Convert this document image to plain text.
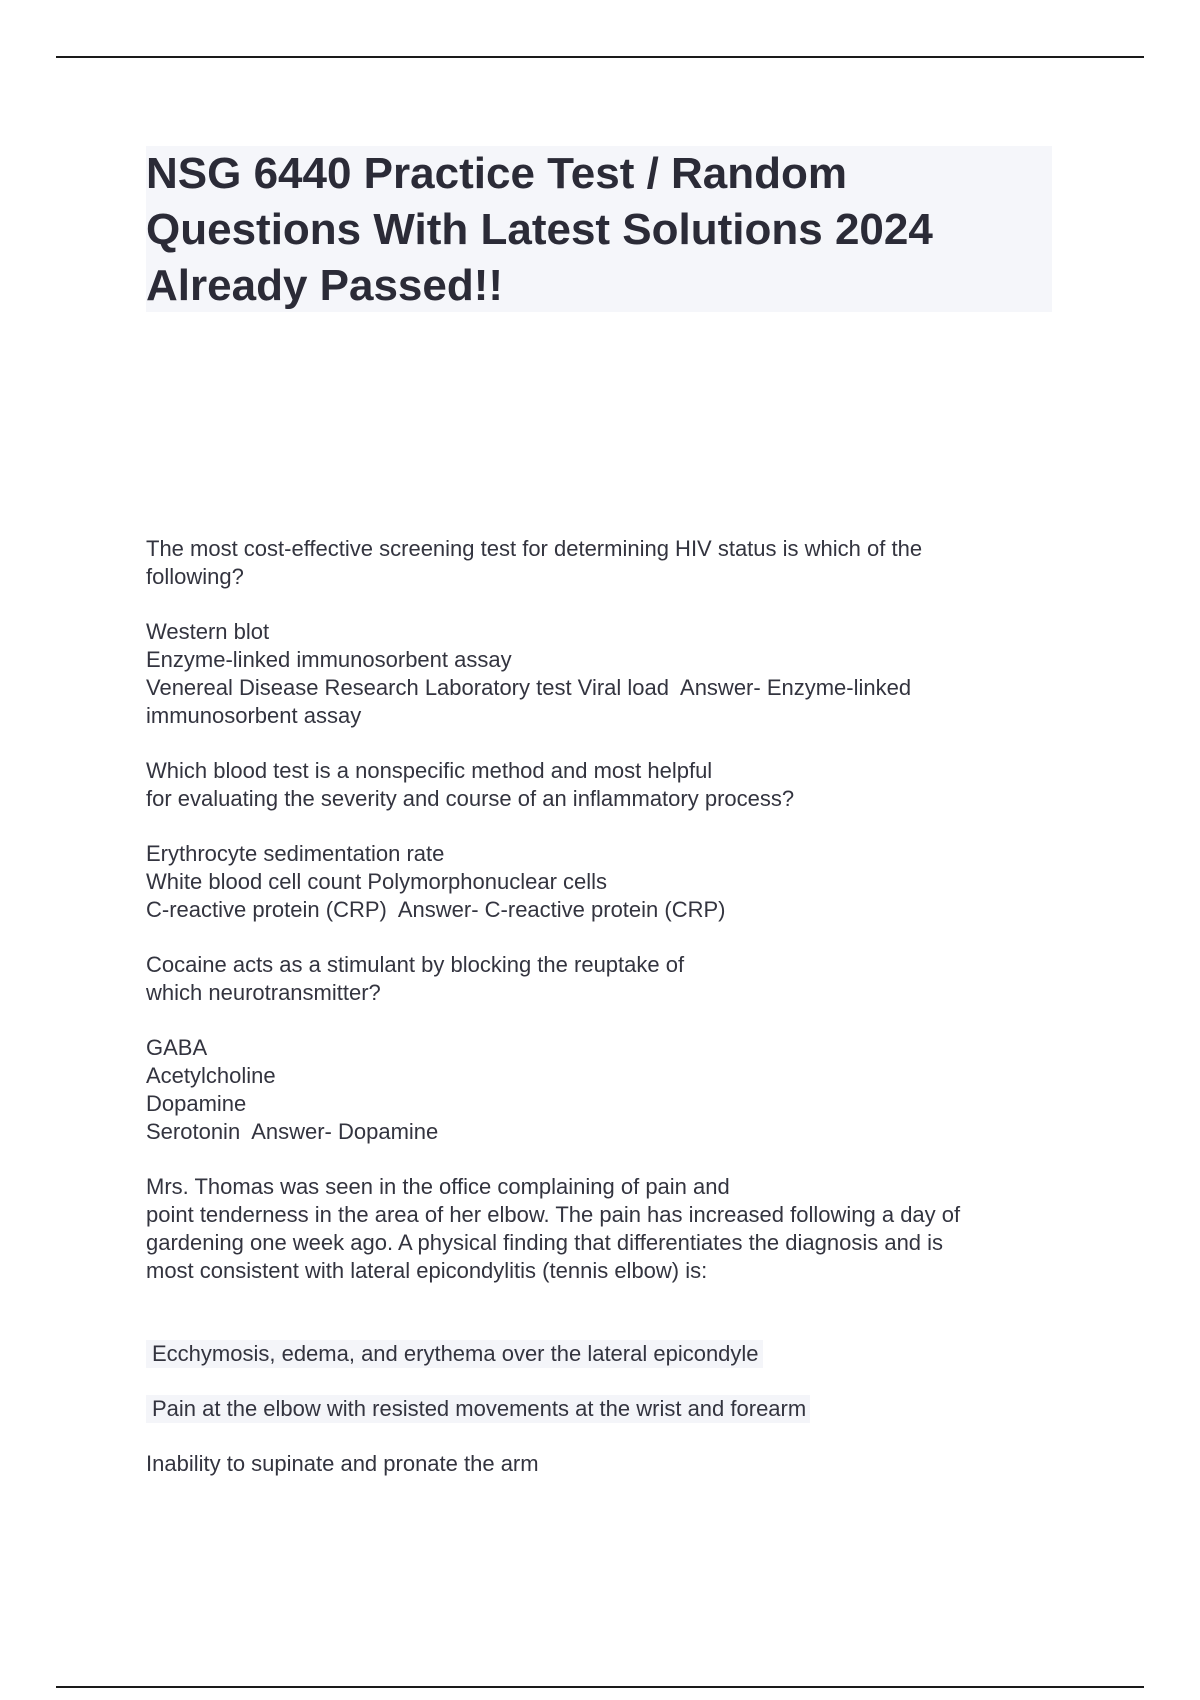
NSG 6440 Practice Test / Random
Questions With Latest Solutions 2024
Already Passed!!
The most cost-effective screening test for determining HIV status is which of the
following?
Western blot
Enzyme-linked immunosorbent assay
Venereal Disease Research Laboratory test Viral load  Answer- Enzyme-linked
immunosorbent assay
Which blood test is a nonspecific method and most helpful
for evaluating the severity and course of an inflammatory process?
Erythrocyte sedimentation rate
White blood cell count Polymorphonuclear cells
C-reactive protein (CRP)  Answer- C-reactive protein (CRP)
Cocaine acts as a stimulant by blocking the reuptake of
which neurotransmitter?
GABA
Acetylcholine
Dopamine
Serotonin  Answer- Dopamine
Mrs. Thomas was seen in the office complaining of pain and
point tenderness in the area of her elbow. The pain has increased following a day of
gardening one week ago. A physical finding that differentiates the diagnosis and is
most consistent with lateral epicondylitis (tennis elbow) is:
Ecchymosis, edema, and erythema over the lateral epicondyle
Pain at the elbow with resisted movements at the wrist and forearm
Inability to supinate and pronate the arm
